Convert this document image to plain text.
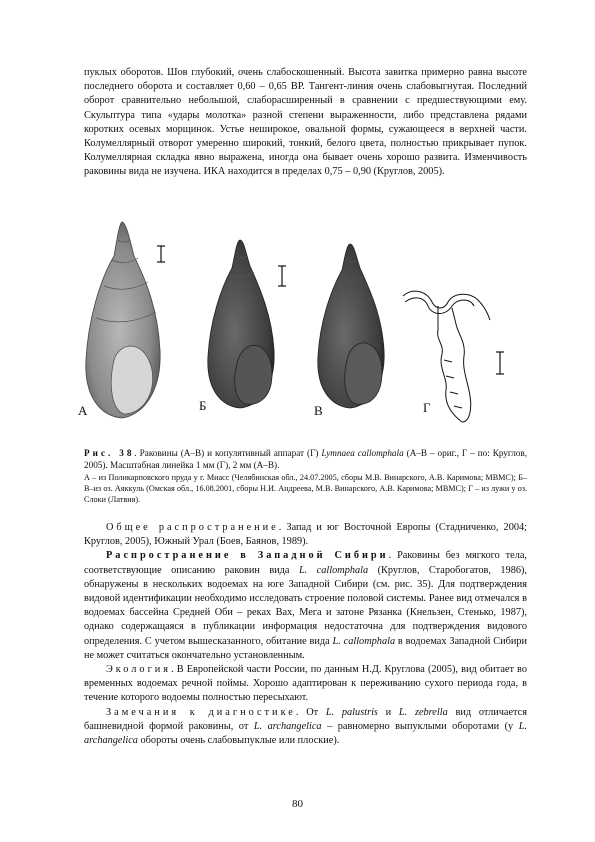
пуклых оборотов. Шов глубокий, очень слабоскошенный. Высота завитка примерно равна высоте последнего оборота и составляет 0,60 – 0,65 ВР. Тангент-линия очень слабовыгнутая. Последний оборот сравнительно небольшой, слаборасширенный в сравнении с предшествующими ему. Скульптура типа «удары молотка» разной степени выраженности, либо представлена рядами коротких осевых морщинок. Устье неширокое, овальной формы, сужающееся в верхней части. Колумеллярный отворот умеренно широкий, тонкий, белого цвета, полностью прикрывает пупок. Колумеллярная складка явно выражена, иногда она бывает очень хорошо развита. Изменчивость раковины вида не изучена. ИКА находится в пределах 0,75 – 0,90 (Круглов, 2005).

А	Б	В	Г

Рис. 38. Раковины (А–В) и копулятивный аппарат (Г) Lymnaea callomphala (А–В – ориг., Г – по: Круглов, 2005). Масштабная линейка 1 мм (Г), 2 мм (А–В).

А – из Поликарповского пруда у г. Миасс (Челябинская обл., 24.07.2005, сборы М.В. Винарского, А.В. Каримова; МВМС); Б–В–из оз. Аяккуль (Омская обл., 16.08.2001, сборы Н.И. Андреева, М.В. Винарского, А.В. Каримова; МВМС); Г – из лужи у оз. Слоки (Латвия).

Общее распространение. Запад и юг Восточной Европы (Стадниченко, 2004; Круглов, 2005), Южный Урал (Боев, Баянов, 1989).

Распространение в Западной Сибири. Раковины без мягкого тела, соответствующие описанию раковин вида L. callomphala (Круглов, Старобогатов, 1986), обнаружены в нескольких водоемах на юге Западной Сибири (см. рис. 35). Для подтверждения видовой идентификации необходимо исследовать строение половой системы. Ранее вид отмечался в водоемах бассейна Средней Оби – реках Вах, Мега и затоне Рязанка (Кнельзен, Стенько, 1987), однако содержащаяся в публикации информация недостаточна для подтверждения видового определения. С учетом вышесказанного, обитание вида L. callomphala в водоемах Западной Сибири не может считаться окончательно установленным.

Экология. В Европейской части России, по данным Н.Д. Круглова (2005), вид обитает во временных водоемах речной поймы. Хорошо адаптирован к переживанию сухого периода года, в течение которого водоемы полностью пересыхают.

Замечания к диагностике. От L. palustris и L. zebrella вид отличается башневидной формой раковины, от L. archangelica – равномерно выпуклыми оборотами (у L. archangelica обороты очень слабовыпуклые или плоские).

80
